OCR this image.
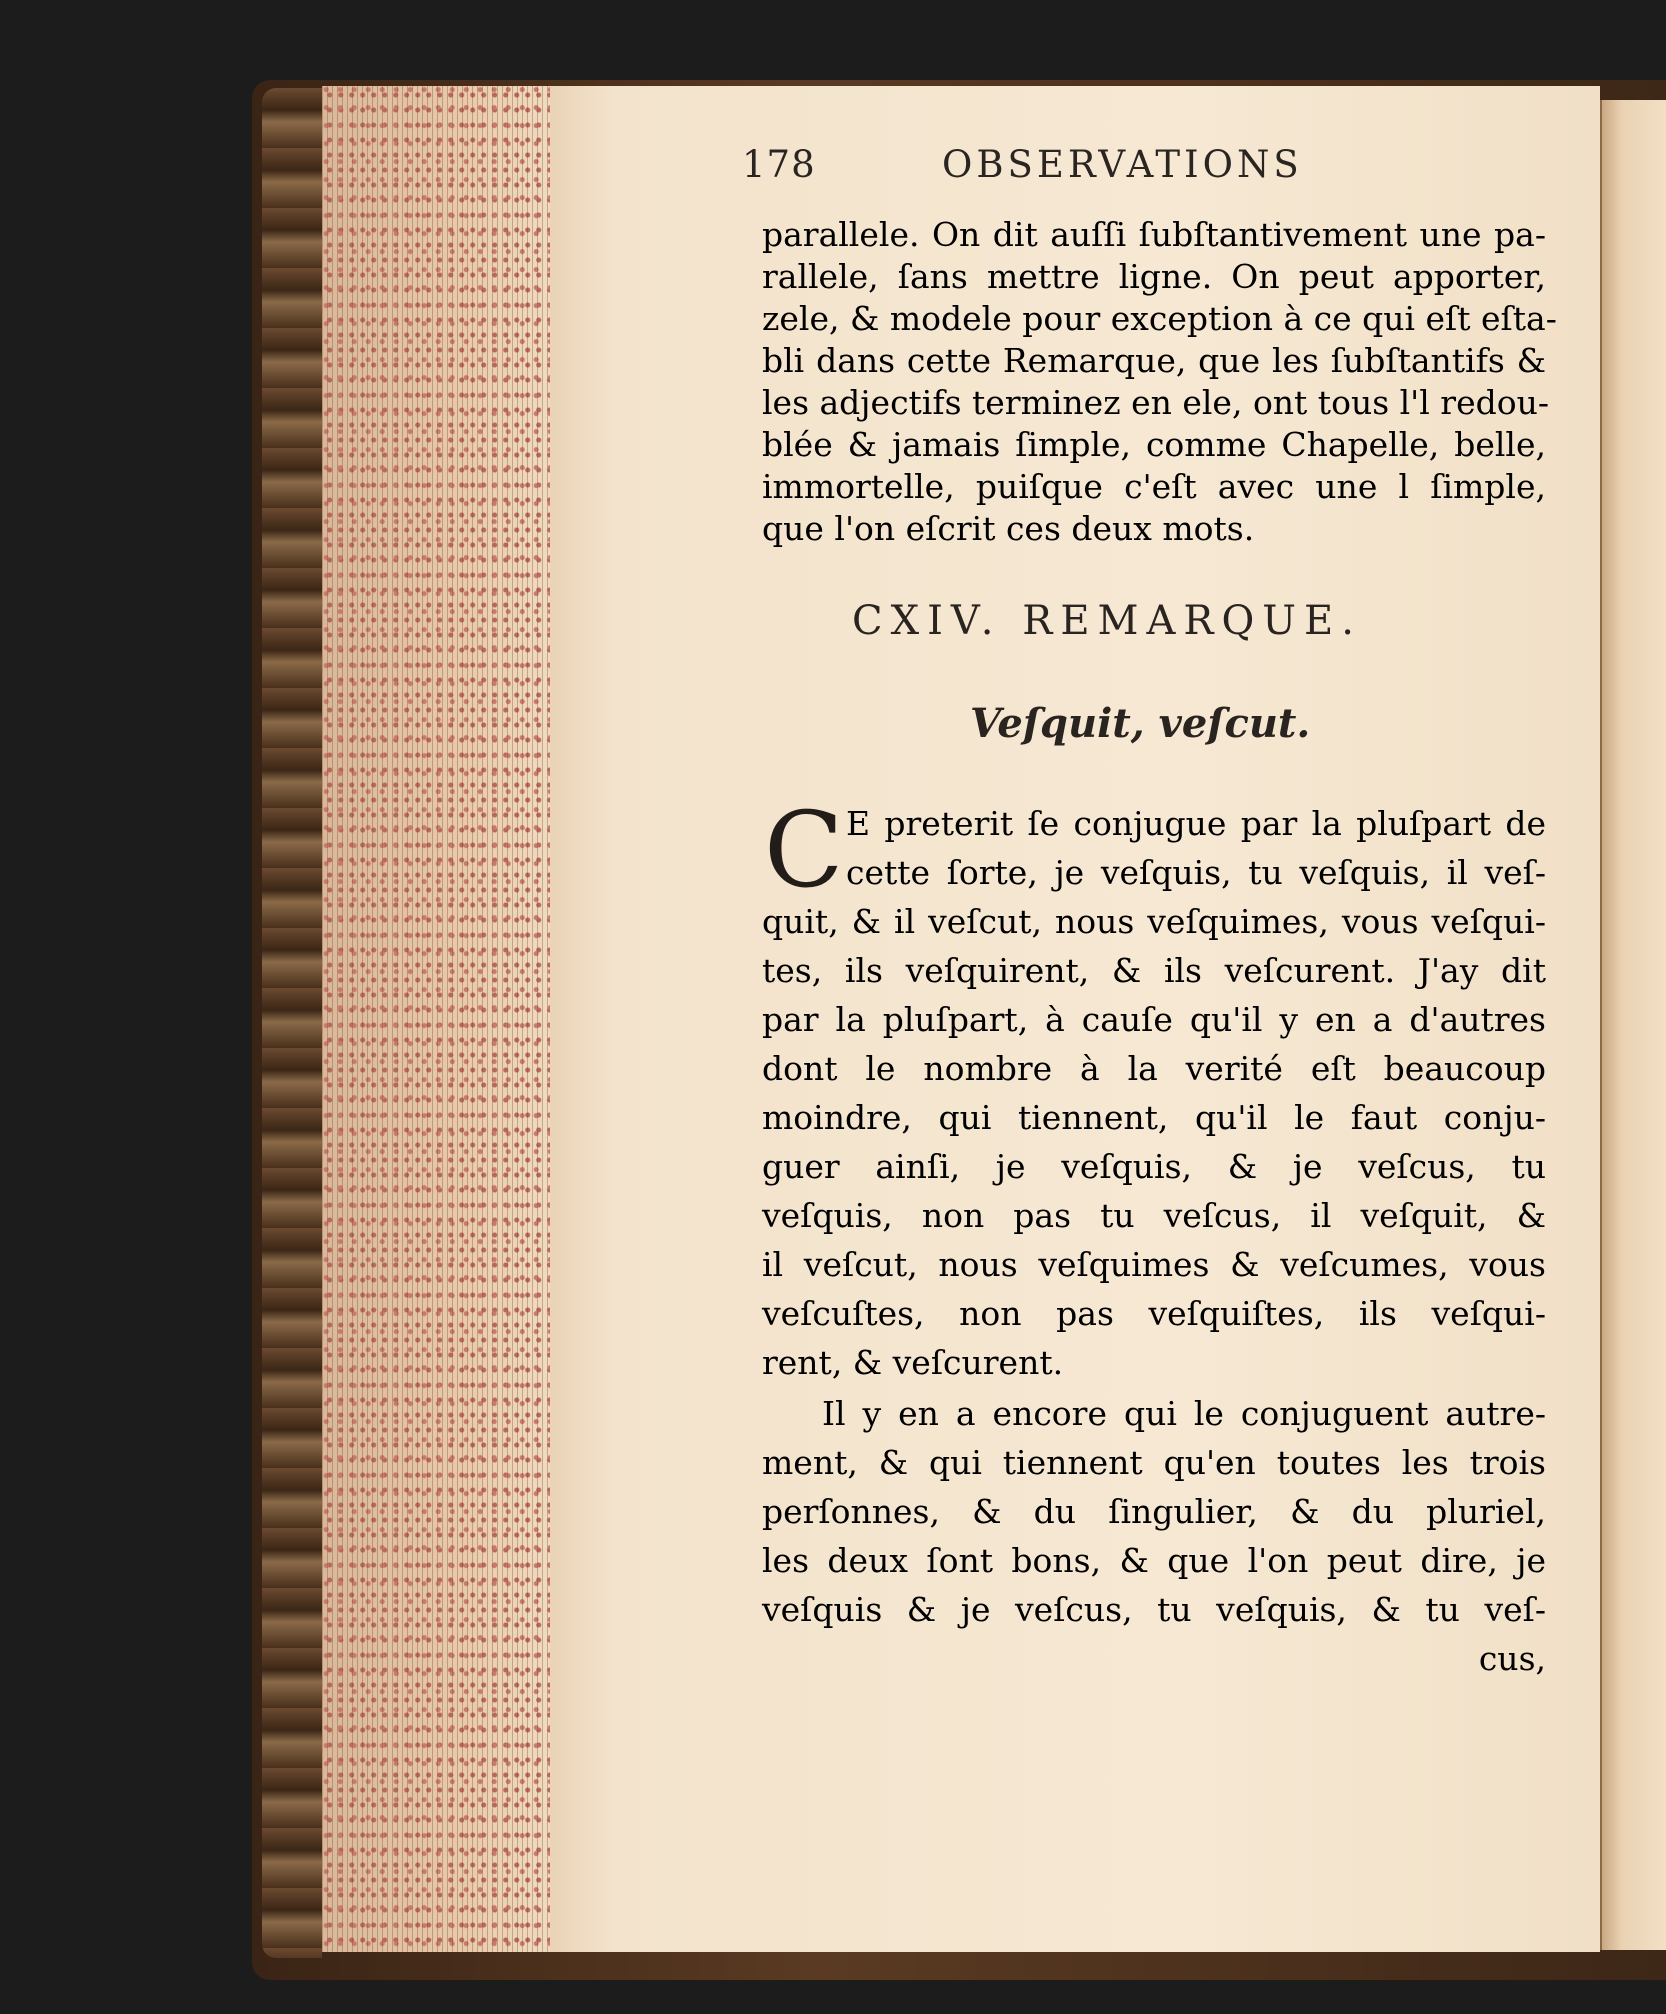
178	OBSERVATIONS
parallele. On dit auſſi ſubſtantivement une pa-
rallele, ſans mettre ligne. On peut apporter,
zele, & modele pour exception à ce qui eſt eſta-
bli dans cette Remarque, que les ſubſtantifs &
les adjectifs terminez en ele, ont tous l'l redou-
blée & jamais ſimple, comme Chapelle, belle,
immortelle, puiſque c'eſt avec une l ſimple,
que l'on eſcrit ces deux mots.
CXIV. REMARQUE.
Veſquit, veſcut.
C E preterit ſe conjugue par la pluſpart de
cette ſorte, je veſquis, tu veſquis, il veſ-
quit, & il veſcut, nous veſquimes, vous veſqui-
tes, ils veſquirent, & ils veſcurent. J'ay dit
par la pluſpart, à cauſe qu'il y en a d'autres
dont le nombre à la verité eſt beaucoup
moindre, qui tiennent, qu'il le faut conju-
guer ainſi, je veſquis, & je veſcus, tu
veſquis, non pas tu veſcus, il veſquit, &
il veſcut, nous veſquimes & veſcumes, vous
veſcuſtes, non pas veſquiſtes, ils veſqui-
rent, & veſcurent.
Il y en a encore qui le conjuguent autre-
ment, & qui tiennent qu'en toutes les trois
perſonnes, & du ſingulier, & du pluriel,
les deux ſont bons, & que l'on peut dire, je
veſquis & je veſcus, tu veſquis, & tu veſ-
cus,
